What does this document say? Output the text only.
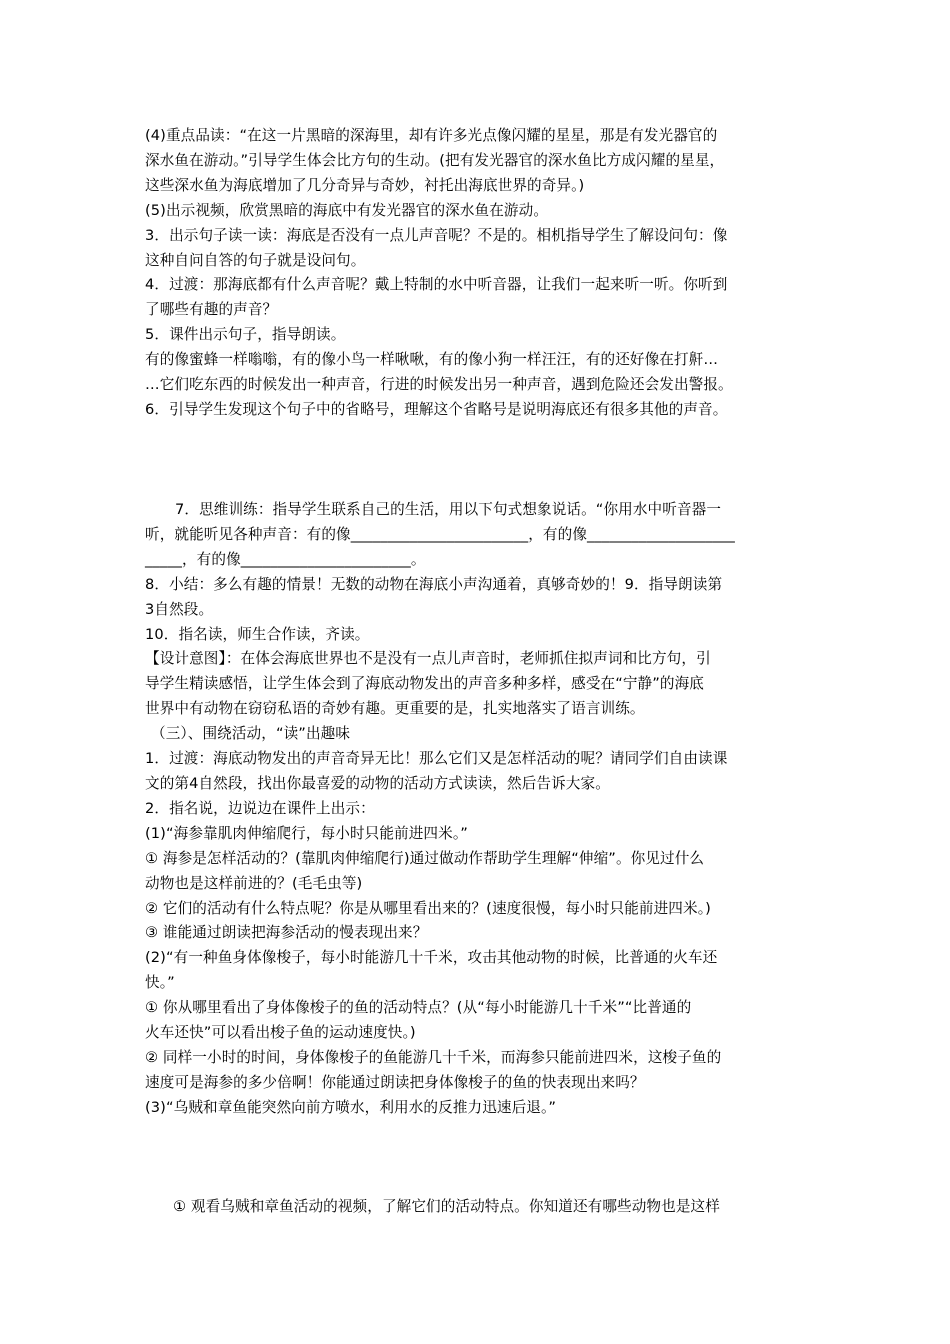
(4)重点品读：“在这一片黑暗的深海里，却有许多光点像闪耀的星星，那是有发光器官的
深水鱼在游动。”引导学生体会比方句的生动。(把有发光器官的深水鱼比方成闪耀的星星，
这些深水鱼为海底增加了几分奇异与奇妙，衬托出海底世界的奇异。)
(5)出示视频，欣赏黑暗的海底中有发光器官的深水鱼在游动。
3．出示句子读一读：海底是否没有一点儿声音呢？不是的。相机指导学生了解设问句：像
这种自问自答的句子就是设问句。
4．过渡：那海底都有什么声音呢？戴上特制的水中听音器，让我们一起来听一听。你听到
了哪些有趣的声音？
5．课件出示句子，指导朗读。
有的像蜜蜂一样嗡嗡，有的像小鸟一样啾啾，有的像小狗一样汪汪，有的还好像在打鼾…
…它们吃东西的时候发出一种声音，行进的时候发出另一种声音，遇到危险还会发出警报。
6．引导学生发现这个句子中的省略号，理解这个省略号是说明海底还有很多其他的声音。
7．思维训练：指导学生联系自己的生活，用以下句式想象说话。“你用水中听音器一
听，就能听见各种声音：有的像________________________，有的像____________________
_____，有的像_______________________。
8．小结：多么有趣的情景！无数的动物在海底小声沟通着，真够奇妙的！9．指导朗读第
3自然段。
10．指名读，师生合作读，齐读。
【设计意图】：在体会海底世界也不是没有一点儿声音时，老师抓住拟声词和比方句，引
导学生精读感悟，让学生体会到了海底动物发出的声音多种多样，感受在“宁静”的海底
世界中有动物在窃窃私语的奇妙有趣。更重要的是，扎实地落实了语言训练。
（三）、围绕活动，“读”出趣味
1．过渡：海底动物发出的声音奇异无比！那么它们又是怎样活动的呢？请同学们自由读课
文的第4自然段，找出你最喜爱的动物的活动方式读读，然后告诉大家。
2．指名说，边说边在课件上出示：
(1)“海参靠肌肉伸缩爬行，每小时只能前进四米。”
① 海参是怎样活动的？(靠肌肉伸缩爬行)通过做动作帮助学生理解“伸缩”。你见过什么
动物也是这样前进的？(毛毛虫等)
② 它们的活动有什么特点呢？你是从哪里看出来的？(速度很慢，每小时只能前进四米。)
③ 谁能通过朗读把海参活动的慢表现出来？
(2)“有一种鱼身体像梭子，每小时能游几十千米，攻击其他动物的时候，比普通的火车还
快。”
① 你从哪里看出了身体像梭子的鱼的活动特点？(从“每小时能游几十千米”“比普通的
火车还快”可以看出梭子鱼的运动速度快。)
② 同样一小时的时间，身体像梭子的鱼能游几十千米，而海参只能前进四米，这梭子鱼的
速度可是海参的多少倍啊！你能通过朗读把身体像梭子的鱼的快表现出来吗？
(3)“乌贼和章鱼能突然向前方喷水，利用水的反推力迅速后退。”
① 观看乌贼和章鱼活动的视频，了解它们的活动特点。你知道还有哪些动物也是这样
